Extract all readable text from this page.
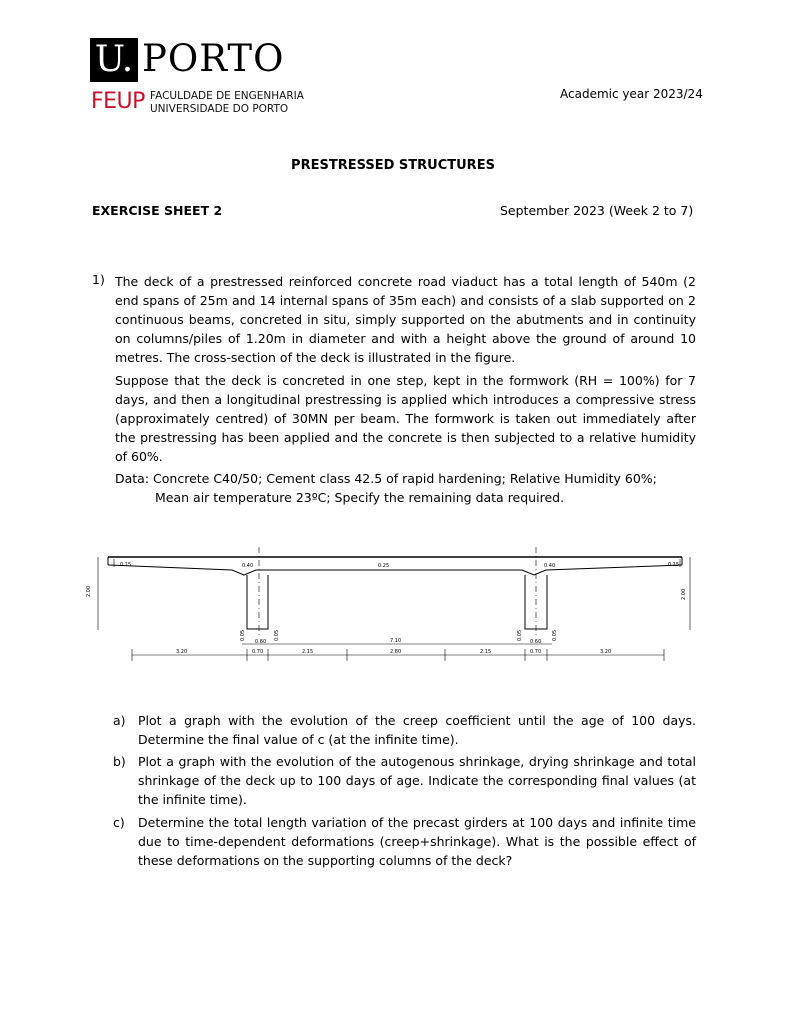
U. PORTO
FEUP FACULDADE DE ENGENHARIA
UNIVERSIDADE DO PORTO
Academic year 2023/24
PRESTRESSED STRUCTURES
EXERCISE SHEET 2	September 2023 (Week 2 to 7)
1) The deck of a prestressed reinforced concrete road viaduct has a total length of 540m (2 end spans of 25m and 14 internal spans of 35m each) and consists of a slab supported on 2 continuous beams, concreted in situ, simply supported on the abutments and in continuity on columns/piles of 1.20m in diameter and with a height above the ground of around 10 metres. The cross-section of the deck is illustrated in the figure.
Suppose that the deck is concreted in one step, kept in the formwork (RH = 100%) for 7 days, and then a longitudinal prestressing is applied which introduces a compressive stress (approximately centred) of 30MN per beam. The formwork is taken out immediately after the prestressing has been applied and the concrete is then subjected to a relative humidity of 60%.
Data: Concrete C40/50; Cement class 42.5 of rapid hardening; Relative Humidity 60%;
Mean air temperature 23ºC; Specify the remaining data required.
0.15	0.15
0.40	0.25	0.40
2.00	2.00
0.60	7.10	0.60
0.05	0.05	0.05	0.05
3.20	0.70	2.15	2.80	2.15	0.70	3.20
a) Plot a graph with the evolution of the creep coefficient until the age of 100 days. Determine the final value of c (at the infinite time).
b) Plot a graph with the evolution of the autogenous shrinkage, drying shrinkage and total shrinkage of the deck up to 100 days of age. Indicate the corresponding final values (at the infinite time).
c) Determine the total length variation of the precast girders at 100 days and infinite time due to time-dependent deformations (creep+shrinkage). What is the possible effect of these deformations on the supporting columns of the deck?
